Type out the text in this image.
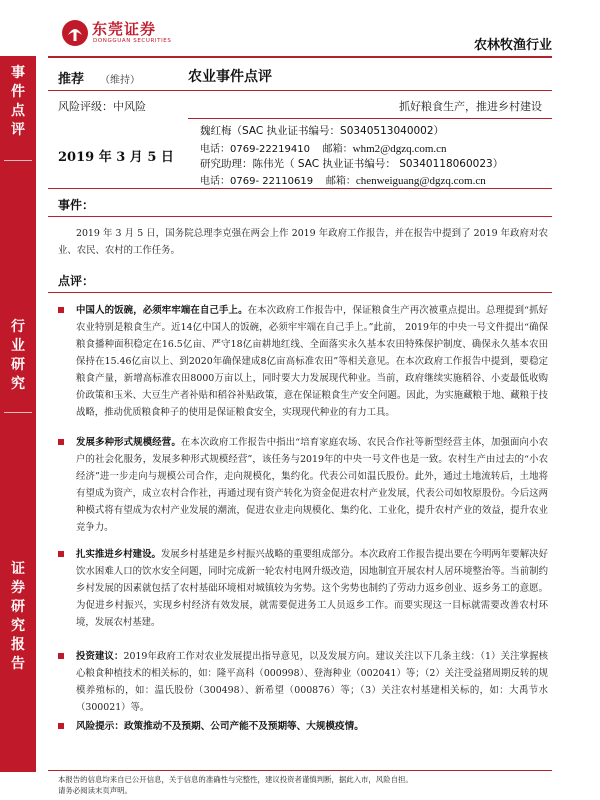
东莞证券
DONGGUAN SECURITIES	农林牧渔行业
事
件
点
评
行
业
研
究
证
券
研
究
报
告
推荐 （维持）	农业事件点评
风险评级：中风险	抓好粮食生产，推进乡村建设
2019 年 3 月 5 日
魏红梅（SAC 执业证书编号：S0340513040002）
电话：0769-22219410    邮箱：whm2@dgzq.com.cn
研究助理：陈伟光（ SAC 执业证书编号： S0340118060023）
电话：0769- 22110619    邮箱：chenweiguang@dgzq.com.cn
事件：
2019 年 3 月 5 日，国务院总理李克强在两会上作 2019 年政府工作报告，并在报告中提到了 2019 年政府对农业、农民、农村的工作任务。
点评：
中国人的饭碗，必须牢牢端在自己手上。在本次政府工作报告中，保证粮食生产再次被重点提出。总理提到“抓好农业特别是粮食生产。近14亿中国人的饭碗，必须牢牢端在自己手上。”此前， 2019年的中央一号文件提出“确保粮食播种面积稳定在16.5亿亩、严守18亿亩耕地红线、全面落实永久基本农田特殊保护制度、确保永久基本农田保持在15.46亿亩以上、到2020年确保建成8亿亩高标准农田”等相关意见。在本次政府工作报告中提到，要稳定粮食产量，新增高标准农田8000万亩以上，同时要大力发展现代种业。当前，政府继续实施稻谷、小麦最低收购价政策和玉米、大豆生产者补贴和稻谷补贴政策，意在保证粮食生产安全问题。因此，为实施藏粮于地、藏粮于技战略，推动优质粮食种子的使用是保证粮食安全，实现现代种业的有力工具。
发展多种形式规模经营。在本次政府工作报告中指出“培育家庭农场、农民合作社等新型经营主体，加强面向小农户的社会化服务，发展多种形式规模经营”，该任务与2019年的中央一号文件也是一致。农村生产由过去的“小农经济”进一步走向与规模公司合作，走向规模化，集约化。代表公司如温氏股份。此外，通过土地流转后，土地将有望成为资产，成立农村合作社，再通过现有资产转化为资金促进农村产业发展，代表公司如牧原股份。今后这两种模式将有望成为农村产业发展的潮流，促进农业走向规模化、集约化、工业化，提升农村产业的效益，提升农业竞争力。
扎实推进乡村建设。发展乡村基建是乡村振兴战略的重要组成部分。本次政府工作报告提出要在今明两年要解决好饮水困难人口的饮水安全问题，同时完成新一轮农村电网升级改造，因地制宜开展农村人居环境整治等。当前制约乡村发展的因素就包括了农村基础环境相对城镇较为劣势。这个劣势也制约了劳动力返乡创业、返乡务工的意愿。为促进乡村振兴，实现乡村经济有效发展，就需要促进务工人员返乡工作。而要实现这一目标就需要改善农村环境，发展农村基建。
投资建议：2019年政府工作对农业发展提出指导意见，以及发展方向。建议关注以下几条主线：（1）关注掌握核心粮食种植技术的相关标的，如：隆平高科（000998）、登海种业（002041）等；（2）关注受益猪周期反转的规模养殖标的，如：温氏股份（300498）、新希望（000876）等；（3）关注农村基建相关标的，如：大禹节水（300021）等。
风险提示：政策推动不及预期、公司产能不及预期等、大规模疫情。
本报告的信息均来自已公开信息，关于信息的准确性与完整性，建议投资者谨慎判断，据此入市，风险自担。
请务必阅读末页声明。
